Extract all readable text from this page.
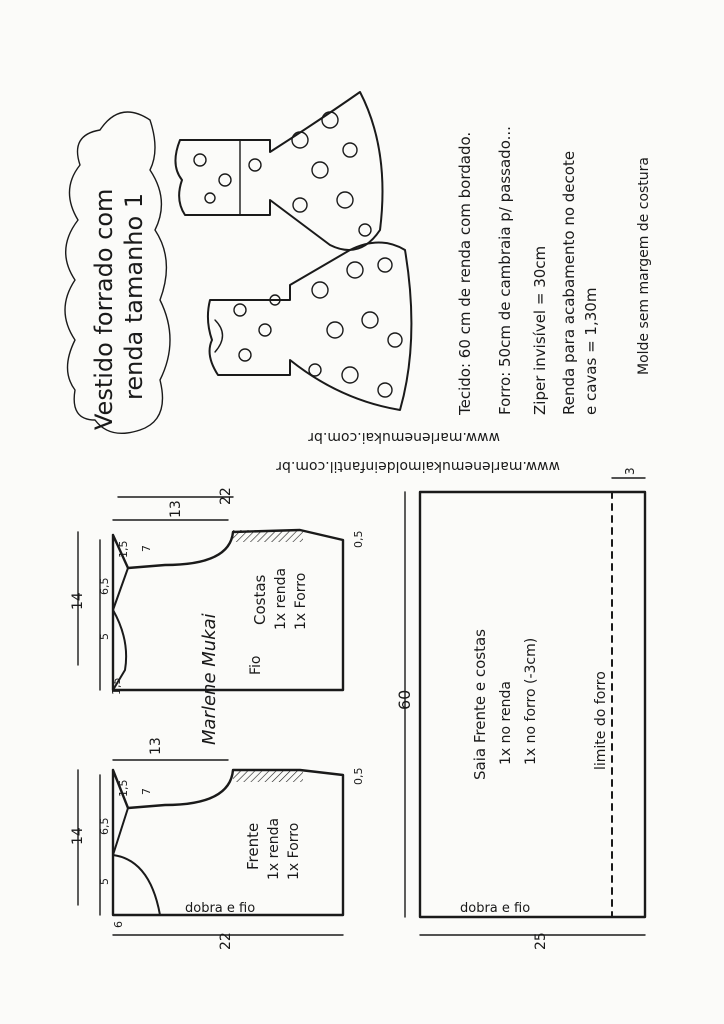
Vestido forrado com renda tamanho 1	Tecido: 60 cm de renda com bordado. Forro: 50cm de cambraia p/ passado... Ziper invisível = 30cm Renda para acabamento no decote e cavas = 1,30m	Molde sem margem de costura
www.marlenemukaimoldeinfantil.com.br
www.marlenemukai.com.br
Costas 1x renda 1x Forro
Fio
22
13
14
1,5 7
6,5
5
1,5
0,5
Frente 1x renda 1x Forro
dobra e fio
22
13
14
1,5 7
6,5
5
6
0,5
Marlene Mukai	Saia Frente e costas 1x no renda 1x no forro (-3cm)	limite do forro
dobra e fio
60
25
3
